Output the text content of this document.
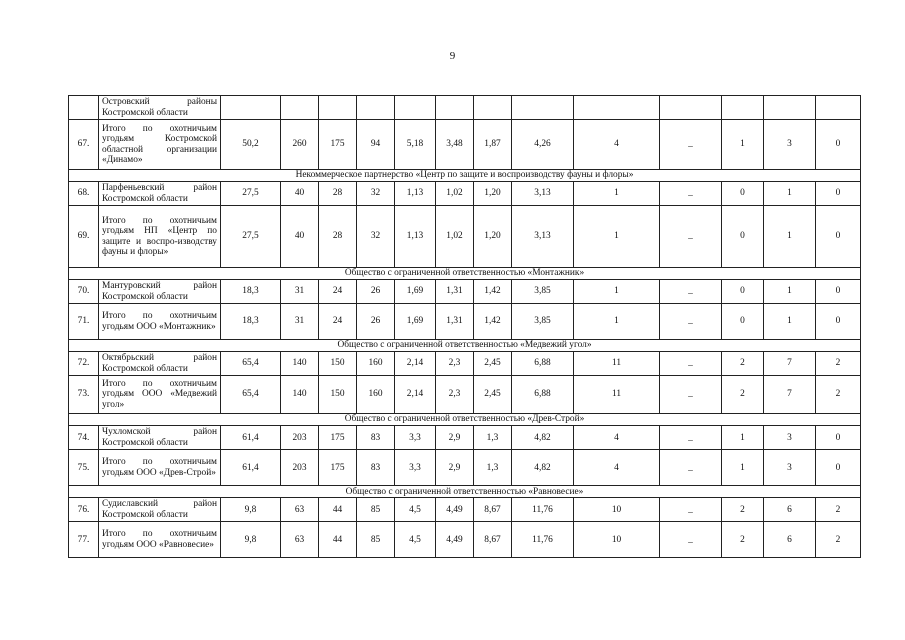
9
	Островский районы Костромской области													
67.	Итого по охотничьим угодьям Костромской областной организации «Динамо»	50,2	260	175	94	5,18	3,48	1,87	4,26	4	_	1	3	0
Некоммерческое партнерство «Центр по защите и воспроизводству фауны и флоры»														
68.	Парфеньевский район Костромской области	27,5	40	28	32	1,13	1,02	1,20	3,13	1	_	0	1	0
69.	Итого по охотничьим угодьям НП «Центр по защите и воспро-изводству фауны и флоры»	27,5	40	28	32	1,13	1,02	1,20	3,13	1	_	0	1	0
Общество с ограниченной ответственностью «Монтажник»														
70.	Мантуровский район Костромской области	18,3	31	24	26	1,69	1,31	1,42	3,85	1	_	0	1	0
71.	Итого по охотничьим угодьям ООО «Монтажник»	18,3	31	24	26	1,69	1,31	1,42	3,85	1	_	0	1	0
Общество с ограниченной ответственностью «Медвежий угол»														
72.	Октябрьский район Костромской области	65,4	140	150	160	2,14	2,3	2,45	6,88	11	_	2	7	2
73.	Итого по охотничьим угодьям ООО «Медвежий угол»	65,4	140	150	160	2,14	2,3	2,45	6,88	11	_	2	7	2
Общество с ограниченной ответственностью «Древ-Строй»														
74.	Чухломской район Костромской области	61,4	203	175	83	3,3	2,9	1,3	4,82	4	_	1	3	0
75.	Итого по охотничьим угодьям ООО «Древ-Строй»	61,4	203	175	83	3,3	2,9	1,3	4,82	4	_	1	3	0
Общество с ограниченной ответственностью «Равновесие»														
76.	Судиславский район Костромской области	9,8	63	44	85	4,5	4,49	8,67	11,76	10	_	2	6	2
77.	Итого по охотничьим угодьям ООО «Равновесие»	9,8	63	44	85	4,5	4,49	8,67	11,76	10	_	2	6	2
